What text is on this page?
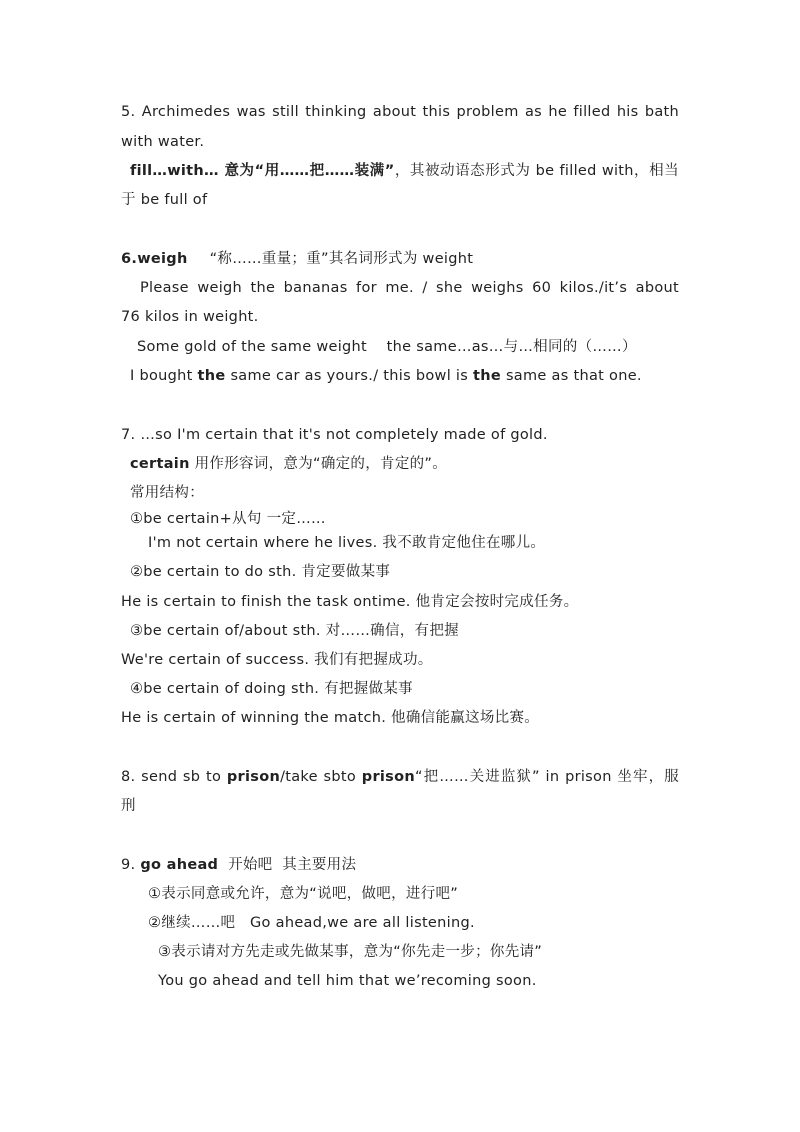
5. Archimedes was still thinking about this problem as he filled his bath
with water.
fill…with… 意为“用……把……装满”，其被动语态形式为 be filled with，相当
于 be full of
6.weigh “称……重量；重”其名词形式为 weight
Please weigh the bananas for me. / she weighs 60 kilos./it’s about
76 kilos in weight.
Some gold of the same weight    the same…as…与…相同的（……）
I bought the same car as yours./ this bowl is the same as that one.
7. …so I'm certain that it's not completely made of gold.
certain 用作形容词，意为“确定的，肯定的”。
常用结构：
①be certain+从句 一定……
I'm not certain where he lives. 我不敢肯定他住在哪儿。
②be certain to do sth. 肯定要做某事
He is certain to finish the task ontime. 他肯定会按时完成任务。
③be certain of/about sth. 对……确信，有把握
We're certain of success. 我们有把握成功。
④be certain of doing sth. 有把握做某事
He is certain of winning the match. 他确信能赢这场比赛。
8. send sb to prison/take sbto prison“把……关进监狱” in prison 坐牢，服
刑
9. go ahead  开始吧  其主要用法
①表示同意或允许，意为“说吧，做吧，进行吧”
②继续……吧   Go ahead,we are all listening.
③表示请对方先走或先做某事，意为“你先走一步；你先请”
You go ahead and tell him that we’recoming soon.
